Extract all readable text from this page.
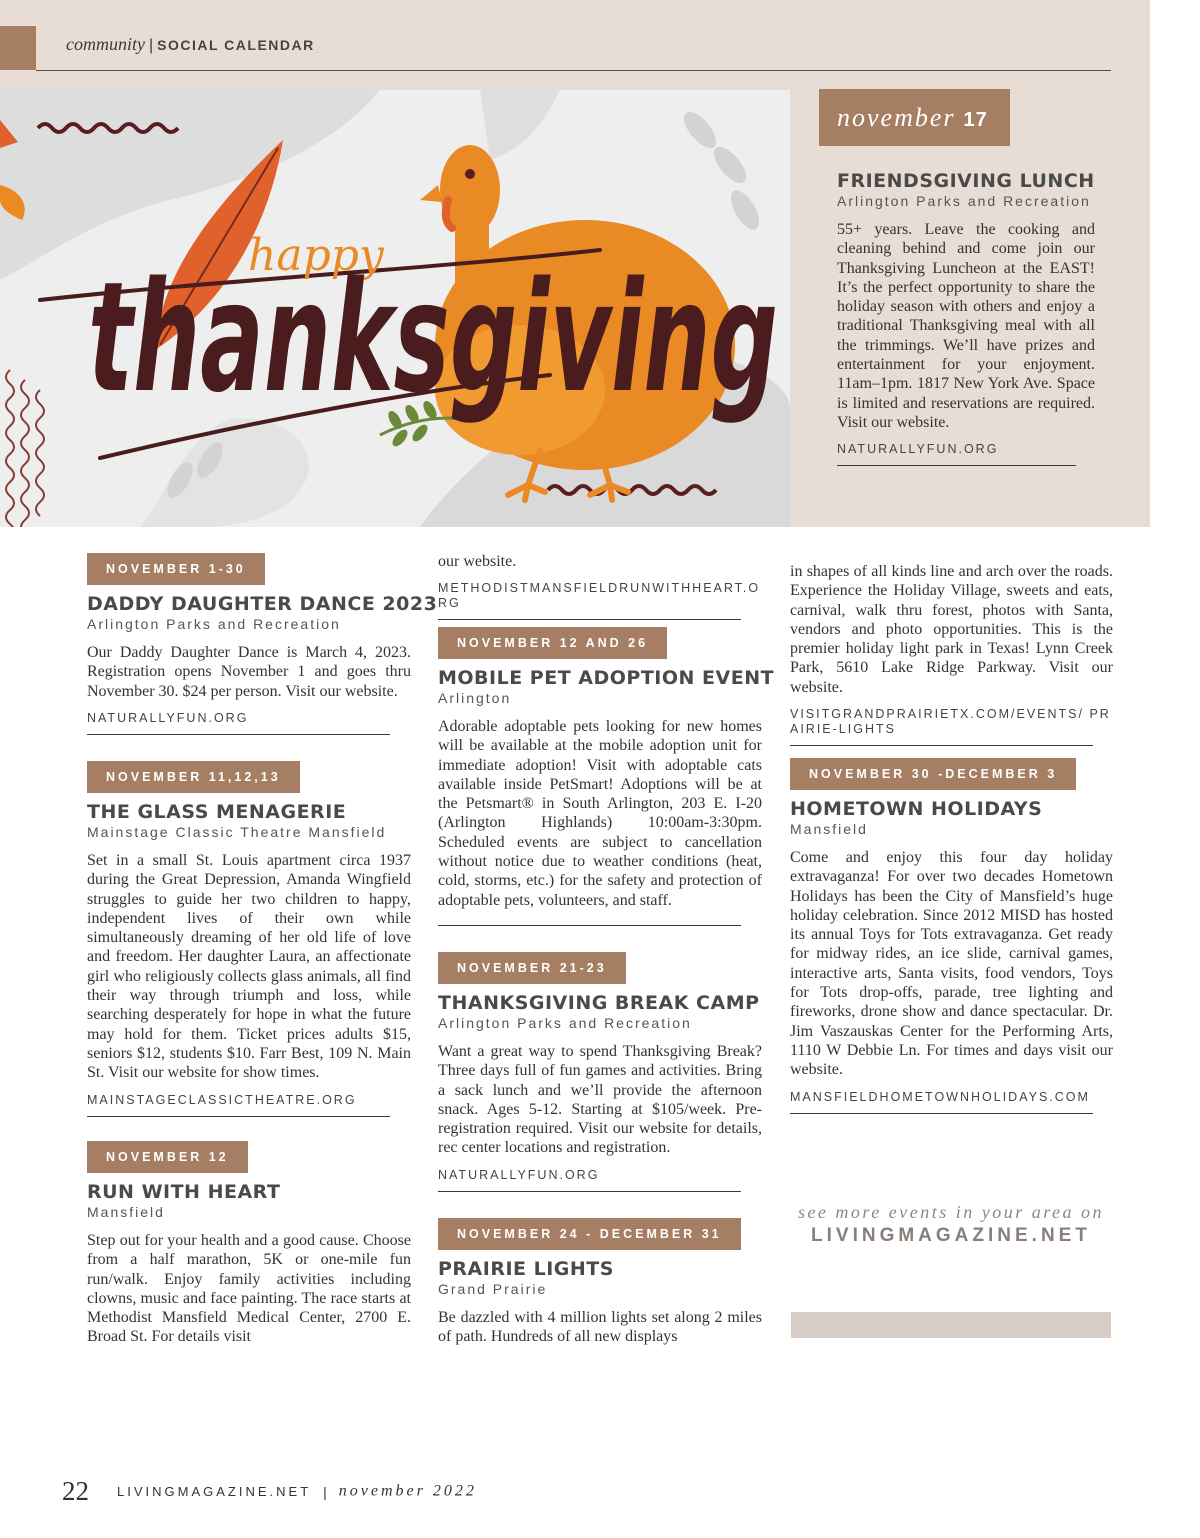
community | SOCIAL CALENDAR
happy
thanksgiving
november 17
FRIENDSGIVING LUNCH
Arlington Parks and Recreation
55+ years. Leave the cooking and cleaning behind and come join our Thanksgiving Luncheon at the EAST! It’s the perfect opportunity to share the holiday season with others and enjoy a traditional Thanksgiving meal with all the trimmings. We’ll have prizes and entertainment for your enjoyment. 11am–1pm. 1817 New York Ave. Space is limited and reservations are required. Visit our website.
NATURALLYFUN.ORG
NOVEMBER 1-30
DADDY DAUGHTER DANCE 2023
Arlington Parks and Recreation
Our Daddy Daughter Dance is March 4, 2023. Registration opens November 1 and goes thru November 30. $24 per person. Visit our website.
NATURALLYFUN.ORG
NOVEMBER 11,12,13
THE GLASS MENAGERIE
Mainstage Classic Theatre Mansfield
Set in a small St. Louis apartment circa 1937 during the Great Depression, Amanda Wingfield struggles to guide her two children to happy, independent lives of their own while simultaneously dreaming of her old life of love and freedom. Her daughter Laura, an affectionate girl who religiously collects glass animals, all find their way through triumph and loss, while searching desperately for hope in what the future may hold for them. Ticket prices adults $15, seniors $12, students $10. Farr Best, 109 N. Main St. Visit our website for show times.
MAINSTAGECLASSICTHEATRE.ORG
NOVEMBER 12
RUN WITH HEART
Mansfield
Step out for your health and a good cause. Choose from a half marathon, 5K or one-mile fun run/walk. Enjoy family activities including clowns, music and face painting. The race starts at Methodist Mansfield Medical Center, 2700 E. Broad St. For details visit
our website.
METHODISTMANSFIELDRUNWITHHEART.ORG
NOVEMBER 12 AND 26
MOBILE PET ADOPTION EVENT
Arlington
Adorable adoptable pets looking for new homes will be available at the mobile adoption unit for immediate adoption! Visit with adoptable cats available inside PetSmart! Adoptions will be at the Petsmart® in South Arlington, 203 E. I-20 (Arlington Highlands) 10:00am-3:30pm. Scheduled events are subject to cancellation without notice due to weather conditions (heat, cold, storms, etc.) for the safety and protection of adoptable pets, volunteers, and staff.
NOVEMBER 21-23
THANKSGIVING BREAK CAMP
Arlington Parks and Recreation
Want a great way to spend Thanksgiving Break? Three days full of fun games and activities. Bring a sack lunch and we’ll provide the afternoon snack. Ages 5-12. Starting at $105/week. Pre-registration required. Visit our website for details, rec center locations and registration.
NATURALLYFUN.ORG
NOVEMBER 24 - DECEMBER 31
PRAIRIE LIGHTS
Grand Prairie
Be dazzled with 4 million lights set along 2 miles of path. Hundreds of all new displays
in shapes of all kinds line and arch over the roads. Experience the Holiday Village, sweets and eats, carnival, walk thru forest, photos with Santa, vendors and photo opportunities. This is the premier holiday light park in Texas! Lynn Creek Park, 5610 Lake Ridge Parkway. Visit our website.
VISITGRANDPRAIRIETX.COM/EVENTS/ PRAIRIE-LIGHTS
NOVEMBER 30 -DECEMBER 3
HOMETOWN HOLIDAYS
Mansfield
Come and enjoy this four day holiday extravaganza! For over two decades Hometown Holidays has been the City of Mansfield’s huge holiday celebration. Since 2012 MISD has hosted its annual Toys for Tots extravaganza. Get ready for midway rides, an ice slide, carnival games, interactive arts, Santa visits, food vendors, Toys for Tots drop-offs, parade, tree lighting and fireworks, drone show and dance spectacular. Dr. Jim Vaszauskas Center for the Performing Arts, 1110 W Debbie Ln. For times and days visit our website.
MANSFIELDHOMETOWNHOLIDAYS.COM
see more events in your area on
LIVINGMAGAZINE.NET
22 LIVINGMAGAZINE.NET | november 2022
